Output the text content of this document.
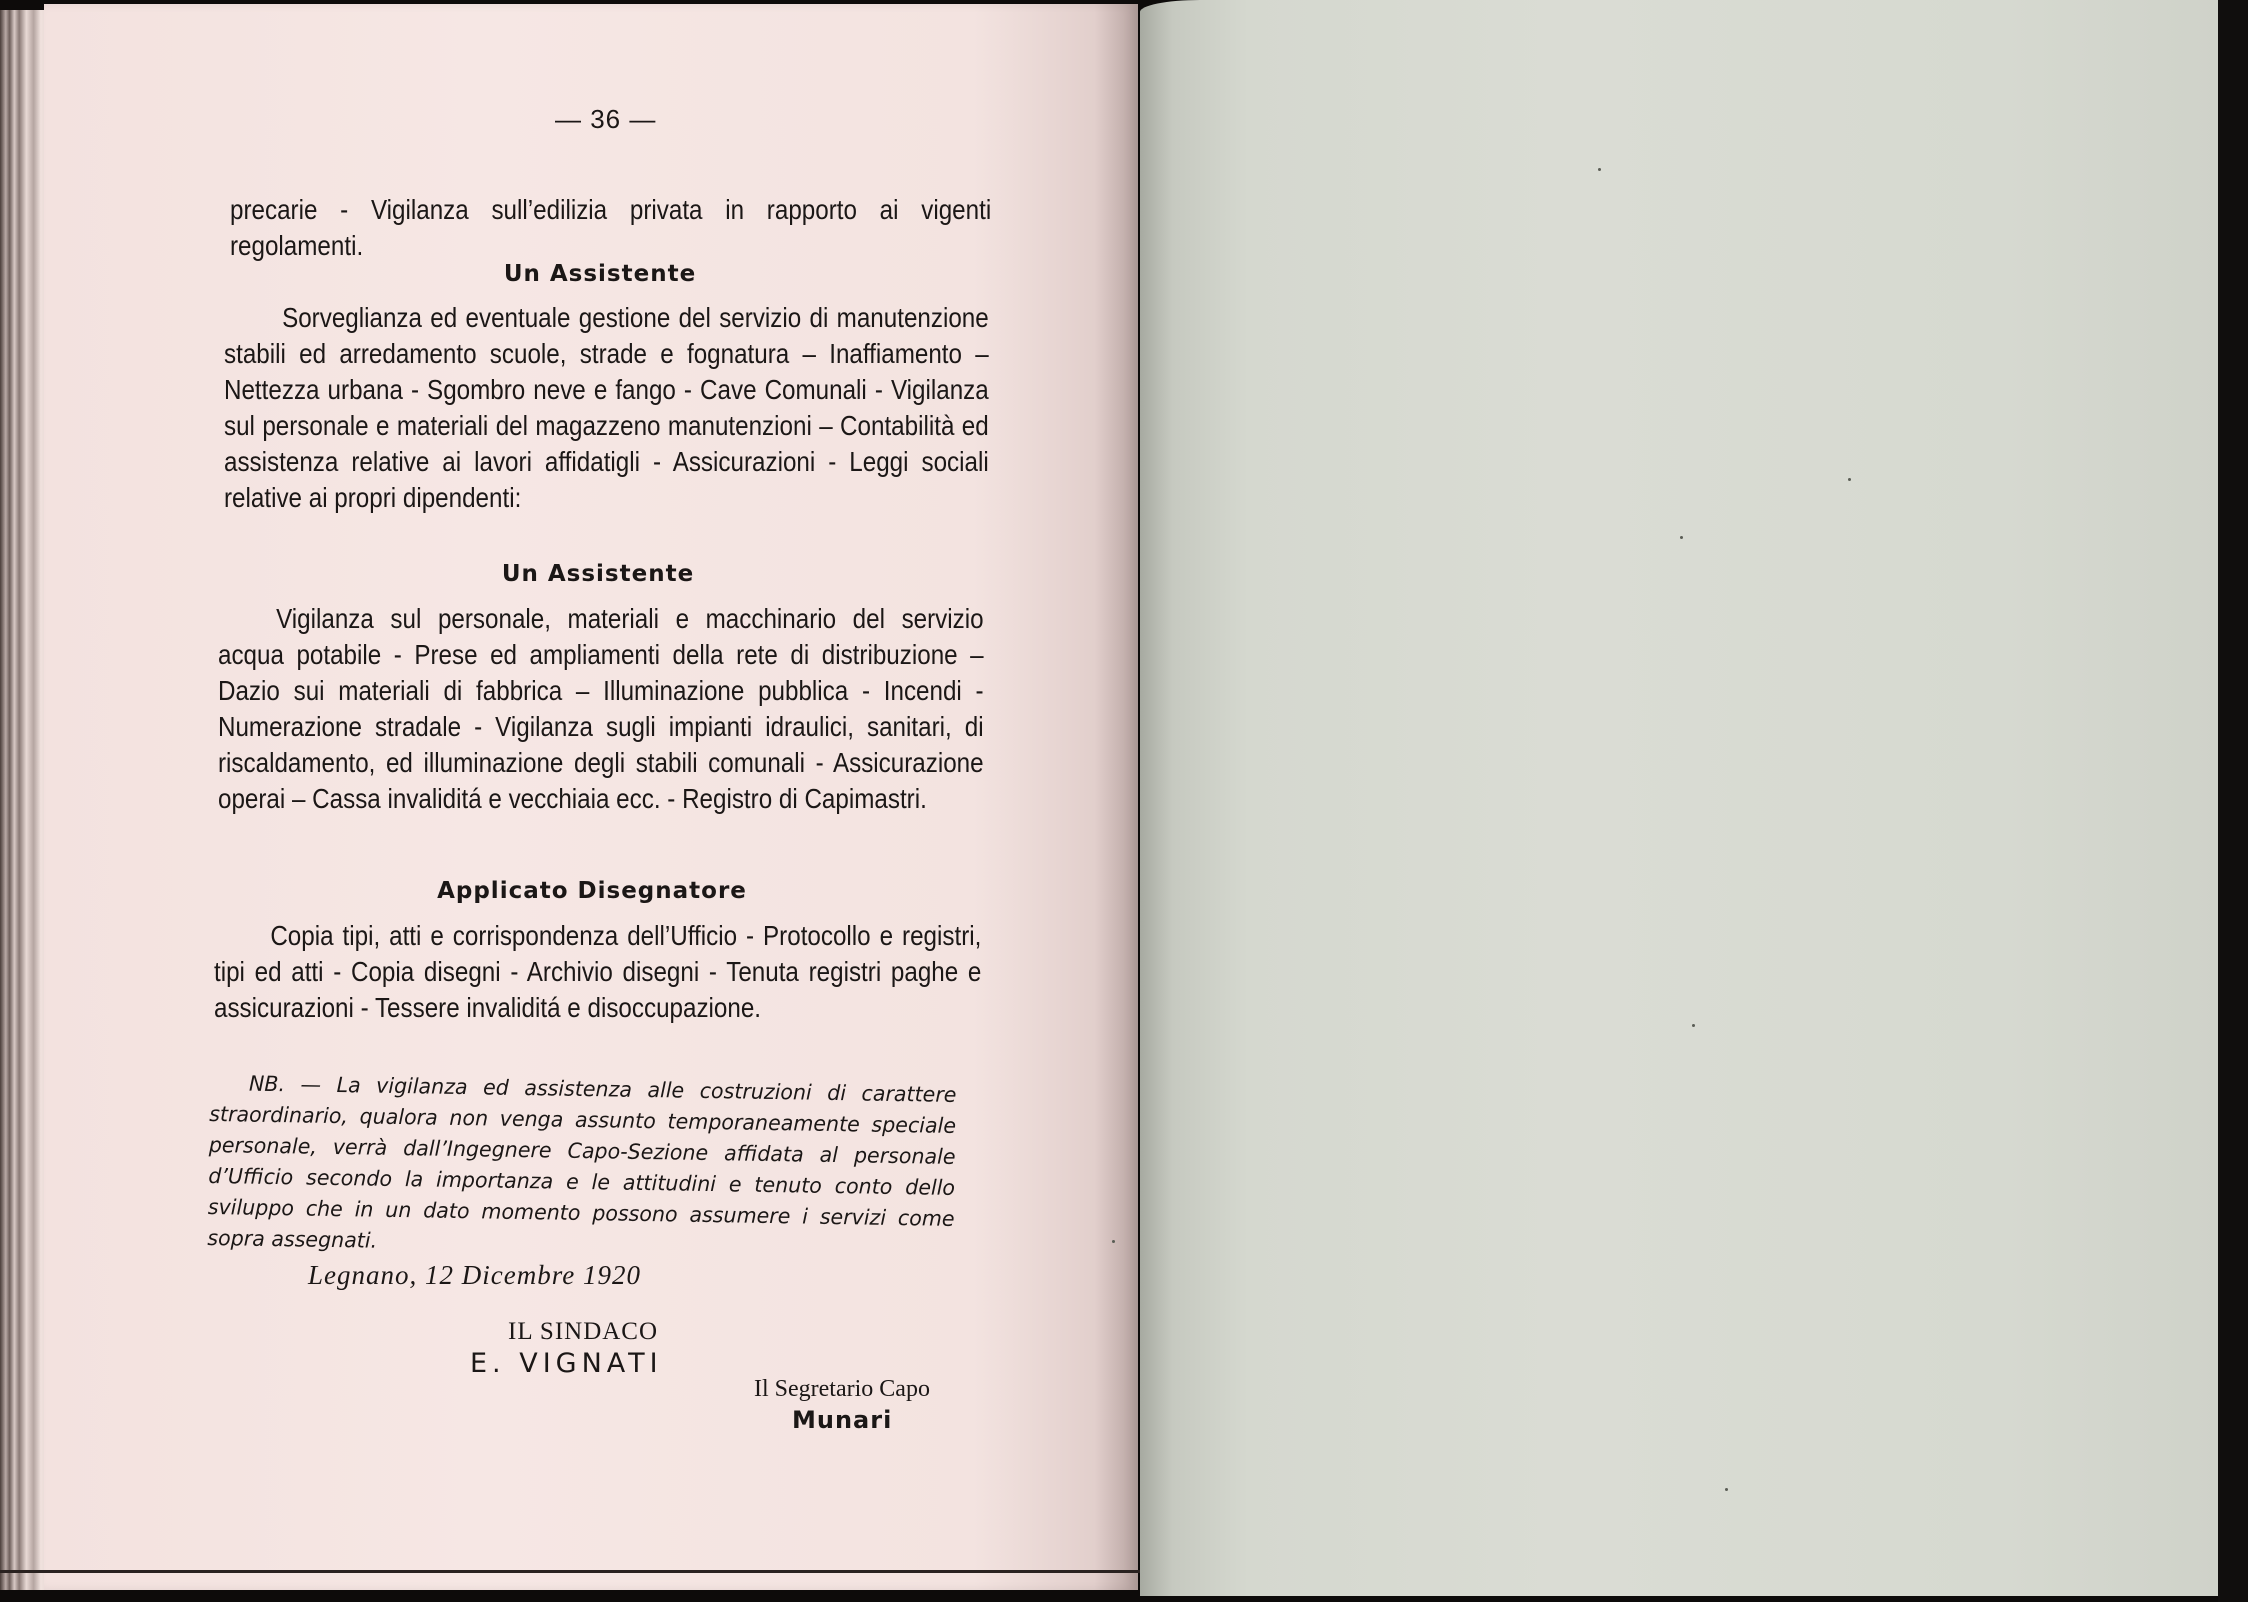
— 36 —
precarie - Vigilanza sull’edilizia privata in rapporto ai vigenti regolamenti.
Un Assistente
Sorveglianza ed eventuale gestione del servizio di manutenzione stabili ed arredamento scuole, strade e fognatura – Inaffiamento – Nettezza urbana - Sgombro neve e fango - Cave Comunali - Vigilanza sul personale e materiali del magazzeno manutenzioni – Contabilità ed assistenza relative ai lavori affidatigli - Assicurazioni - Leggi sociali relative ai propri dipendenti:
Un Assistente
Vigilanza sul personale, materiali e macchinario del servizio acqua potabile - Prese ed ampliamenti della rete di distribuzione – Dazio sui materiali di fabbrica – Illuminazione pubblica - Incendi - Numerazione stradale - Vigilanza sugli impianti idraulici, sanitari, di riscaldamento, ed illuminazione degli stabili comunali - Assicurazione operai – Cassa invaliditá e vecchiaia ecc. - Registro di Capimastri.
Applicato Disegnatore
Copia tipi, atti e corrispondenza dell’Ufficio - Protocollo e registri, tipi ed atti - Copia disegni - Archivio disegni - Tenuta registri paghe e assicurazioni - Tessere invaliditá e disoccupazione.
NB. — La vigilanza ed assistenza alle costruzioni di carattere straordinario, qualora non venga assunto temporaneamente speciale personale, verrà dall’Ingegnere Capo-Sezione affidata al personale d’Ufficio secondo la importanza e le attitudini e tenuto conto dello sviluppo che in un dato momento possono assumere i servizi come sopra assegnati.
Legnano, 12 Dicembre 1920
IL SINDACO
E. VIGNATI
Il Segretario Capo
Munari
